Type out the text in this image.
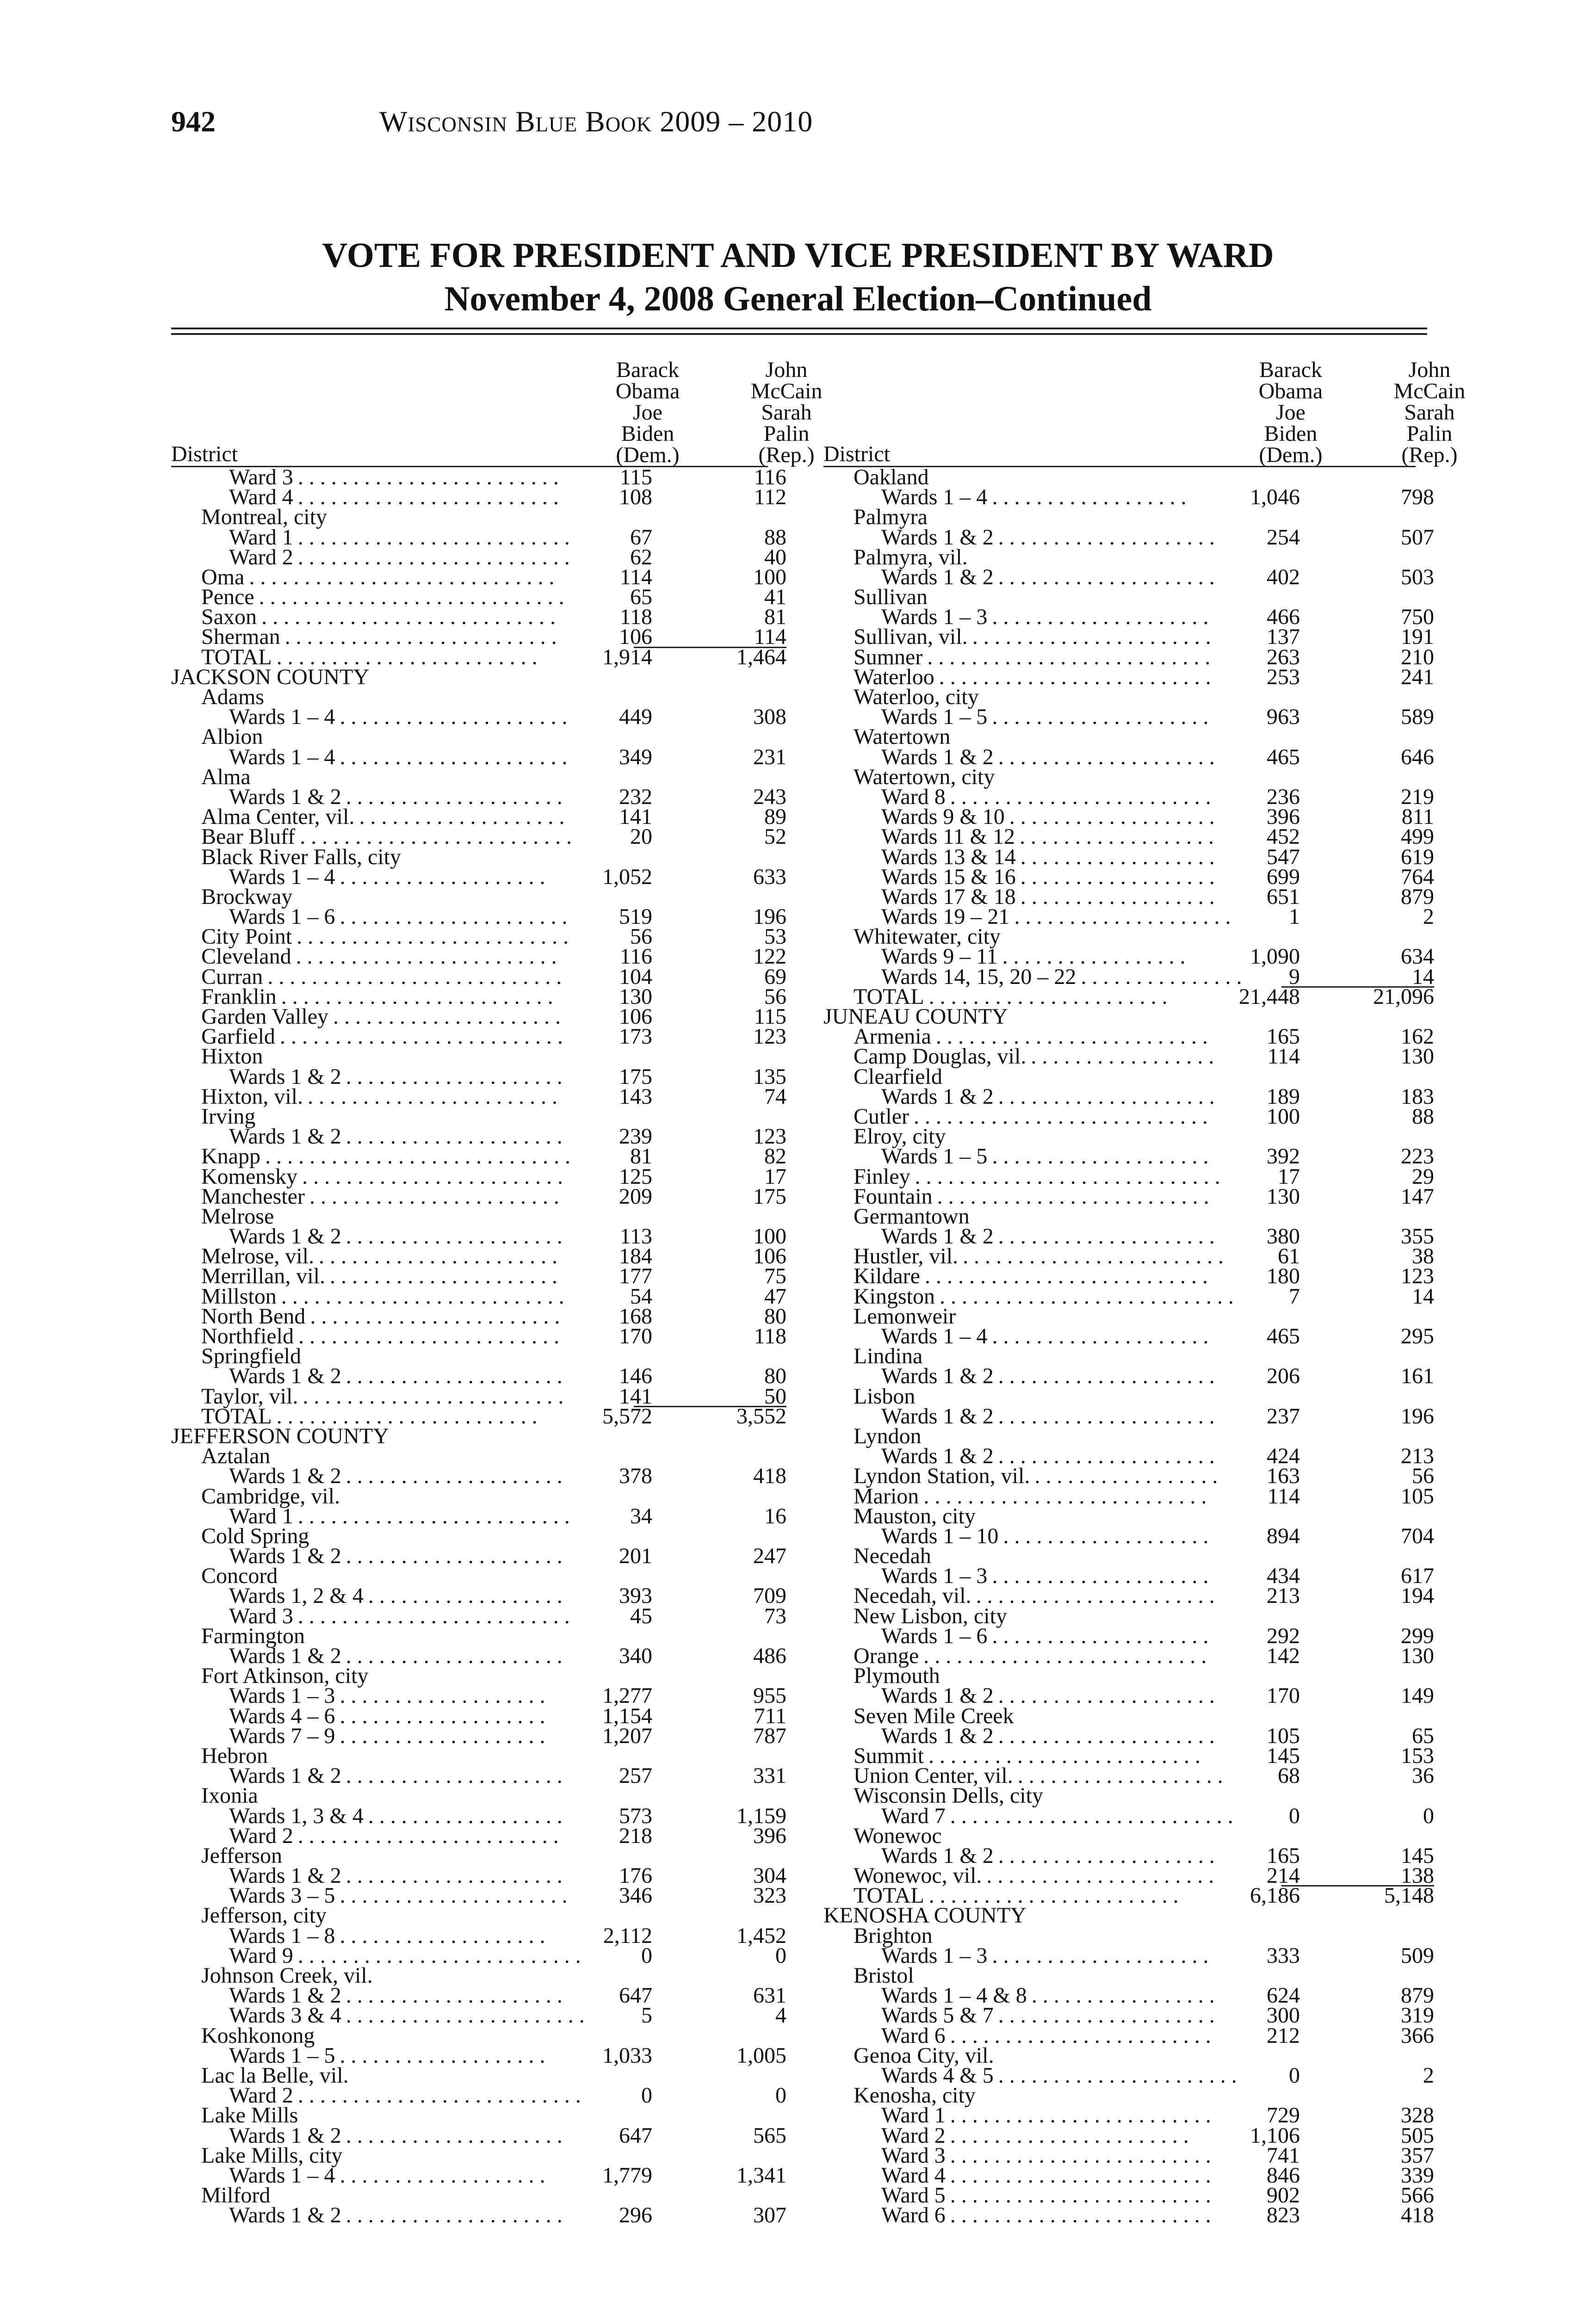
942	Wisconsin Blue Book 2009 – 2010
VOTE FOR PRESIDENT AND VICE PRESIDENT BY WARD
November 4, 2008 General Election–Continued
District
Barack
Obama
Joe
Biden
(Dem.)
John
McCain
Sarah
Palin
(Rep.)
Ward 3 . . . . . . . . . . . . . . . . . . . . . . . .	115	116
Ward 4 . . . . . . . . . . . . . . . . . . . . . . . .	108	112
Montreal, city
Ward 1 . . . . . . . . . . . . . . . . . . . . . . . . .	67	88
Ward 2 . . . . . . . . . . . . . . . . . . . . . . . . .	62	40
Oma . . . . . . . . . . . . . . . . . . . . . . . . . . . .	114	100
Pence . . . . . . . . . . . . . . . . . . . . . . . . . . . .	65	41
Saxon . . . . . . . . . . . . . . . . . . . . . . . . . . .	118	81
Sherman . . . . . . . . . . . . . . . . . . . . . . . . .	106	114
TOTAL . . . . . . . . . . . . . . . . . . . . . . . .	1,914	1,464
JACKSON COUNTY
Adams
Wards 1 – 4 . . . . . . . . . . . . . . . . . . . . .	449	308
Albion
Wards 1 – 4 . . . . . . . . . . . . . . . . . . . . .	349	231
Alma
Wards 1 & 2 . . . . . . . . . . . . . . . . . . . .	232	243
Alma Center, vil. . . . . . . . . . . . . . . . . . . .	141	89
Bear Bluff . . . . . . . . . . . . . . . . . . . . . . . . .	20	52
Black River Falls, city
Wards 1 – 4 . . . . . . . . . . . . . . . . . . .	1,052	633
Brockway
Wards 1 – 6 . . . . . . . . . . . . . . . . . . . . .	519	196
City Point . . . . . . . . . . . . . . . . . . . . . . . . .	56	53
Cleveland . . . . . . . . . . . . . . . . . . . . . . . .	116	122
Curran . . . . . . . . . . . . . . . . . . . . . . . . . . .	104	69
Franklin . . . . . . . . . . . . . . . . . . . . . . . . .	130	56
Garden Valley . . . . . . . . . . . . . . . . . . . . .	106	115
Garfield . . . . . . . . . . . . . . . . . . . . . . . . . .	173	123
Hixton
Wards 1 & 2 . . . . . . . . . . . . . . . . . . . .	175	135
Hixton, vil. . . . . . . . . . . . . . . . . . . . . . . .	143	74
Irving
Wards 1 & 2 . . . . . . . . . . . . . . . . . . . .	239	123
Knapp . . . . . . . . . . . . . . . . . . . . . . . . . . . .	81	82
Komensky . . . . . . . . . . . . . . . . . . . . . . . .	125	17
Manchester . . . . . . . . . . . . . . . . . . . . . . .	209	175
Melrose
Wards 1 & 2 . . . . . . . . . . . . . . . . . . . .	113	100
Melrose, vil. . . . . . . . . . . . . . . . . . . . . . .	184	106
Merrillan, vil. . . . . . . . . . . . . . . . . . . . . .	177	75
Millston . . . . . . . . . . . . . . . . . . . . . . . . . .	54	47
North Bend . . . . . . . . . . . . . . . . . . . . . . .	168	80
Northfield . . . . . . . . . . . . . . . . . . . . . . . .	170	118
Springfield
Wards 1 & 2 . . . . . . . . . . . . . . . . . . . .	146	80
Taylor, vil. . . . . . . . . . . . . . . . . . . . . . . . .	141	50
TOTAL . . . . . . . . . . . . . . . . . . . . . . . .	5,572	3,552
JEFFERSON COUNTY
Aztalan
Wards 1 & 2 . . . . . . . . . . . . . . . . . . . .	378	418
Cambridge, vil.
Ward 1 . . . . . . . . . . . . . . . . . . . . . . . . .	34	16
Cold Spring
Wards 1 & 2 . . . . . . . . . . . . . . . . . . . .	201	247
Concord
Wards 1, 2 & 4 . . . . . . . . . . . . . . . . . .	393	709
Ward 3 . . . . . . . . . . . . . . . . . . . . . . . . .	45	73
Farmington
Wards 1 & 2 . . . . . . . . . . . . . . . . . . . .	340	486
Fort Atkinson, city
Wards 1 – 3 . . . . . . . . . . . . . . . . . . .	1,277	955
Wards 4 – 6 . . . . . . . . . . . . . . . . . . .	1,154	711
Wards 7 – 9 . . . . . . . . . . . . . . . . . . .	1,207	787
Hebron
Wards 1 & 2 . . . . . . . . . . . . . . . . . . . .	257	331
Ixonia
Wards 1, 3 & 4 . . . . . . . . . . . . . . . . . .	573	1,159
Ward 2 . . . . . . . . . . . . . . . . . . . . . . . .	218	396
Jefferson
Wards 1 & 2 . . . . . . . . . . . . . . . . . . . .	176	304
Wards 3 – 5 . . . . . . . . . . . . . . . . . . . . .	346	323
Jefferson, city
Wards 1 – 8 . . . . . . . . . . . . . . . . . . .	2,112	1,452
Ward 9 . . . . . . . . . . . . . . . . . . . . . . . . . .	0	0
Johnson Creek, vil.
Wards 1 & 2 . . . . . . . . . . . . . . . . . . . .	647	631
Wards 3 & 4 . . . . . . . . . . . . . . . . . . . . . .	5	4
Koshkonong
Wards 1 – 5 . . . . . . . . . . . . . . . . . . .	1,033	1,005
Lac la Belle, vil.
Ward 2 . . . . . . . . . . . . . . . . . . . . . . . . . .	0	0
Lake Mills
Wards 1 & 2 . . . . . . . . . . . . . . . . . . . .	647	565
Lake Mills, city
Wards 1 – 4 . . . . . . . . . . . . . . . . . . .	1,779	1,341
Milford
Wards 1 & 2 . . . . . . . . . . . . . . . . . . . .	296	307
District
Barack
Obama
Joe
Biden
(Dem.)
John
McCain
Sarah
Palin
(Rep.)
Oakland
Wards 1 – 4 . . . . . . . . . . . . . . . . . .	1,046	798
Palmyra
Wards 1 & 2 . . . . . . . . . . . . . . . . . . . .	254	507
Palmyra, vil.
Wards 1 & 2 . . . . . . . . . . . . . . . . . . . .	402	503
Sullivan
Wards 1 – 3 . . . . . . . . . . . . . . . . . . . .	466	750
Sullivan, vil. . . . . . . . . . . . . . . . . . . . . . .	137	191
Sumner . . . . . . . . . . . . . . . . . . . . . . . . . .	263	210
Waterloo . . . . . . . . . . . . . . . . . . . . . . . . .	253	241
Waterloo, city
Wards 1 – 5 . . . . . . . . . . . . . . . . . . . .	963	589
Watertown
Wards 1 & 2 . . . . . . . . . . . . . . . . . . . .	465	646
Watertown, city
Ward 8 . . . . . . . . . . . . . . . . . . . . . . . .	236	219
Wards 9 & 10 . . . . . . . . . . . . . . . . . . .	396	811
Wards 11 & 12 . . . . . . . . . . . . . . . . . .	452	499
Wards 13 & 14 . . . . . . . . . . . . . . . . . .	547	619
Wards 15 & 16 . . . . . . . . . . . . . . . . . .	699	764
Wards 17 & 18 . . . . . . . . . . . . . . . . . .	651	879
Wards 19 – 21 . . . . . . . . . . . . . . . . . . . .	1	2
Whitewater, city
Wards 9 – 11 . . . . . . . . . . . . . . . . .	1,090	634
Wards 14, 15, 20 – 22 . . . . . . . . . . . . . . .	9	14
TOTAL . . . . . . . . . . . . . . . . . . . . . .	21,448	21,096
JUNEAU COUNTY
Armenia . . . . . . . . . . . . . . . . . . . . . . . . .	165	162
Camp Douglas, vil. . . . . . . . . . . . . . . . . .	114	130
Clearfield
Wards 1 & 2 . . . . . . . . . . . . . . . . . . . .	189	183
Cutler . . . . . . . . . . . . . . . . . . . . . . . . . . .	100	88
Elroy, city
Wards 1 – 5 . . . . . . . . . . . . . . . . . . . .	392	223
Finley . . . . . . . . . . . . . . . . . . . . . . . . . . . .	17	29
Fountain . . . . . . . . . . . . . . . . . . . . . . . . .	130	147
Germantown
Wards 1 & 2 . . . . . . . . . . . . . . . . . . . .	380	355
Hustler, vil. . . . . . . . . . . . . . . . . . . . . . . . .	61	38
Kildare . . . . . . . . . . . . . . . . . . . . . . . . . .	180	123
Kingston . . . . . . . . . . . . . . . . . . . . . . . . . . .	7	14
Lemonweir
Wards 1 – 4 . . . . . . . . . . . . . . . . . . . .	465	295
Lindina
Wards 1 & 2 . . . . . . . . . . . . . . . . . . . .	206	161
Lisbon
Wards 1 & 2 . . . . . . . . . . . . . . . . . . . .	237	196
Lyndon
Wards 1 & 2 . . . . . . . . . . . . . . . . . . . .	424	213
Lyndon Station, vil. . . . . . . . . . . . . . . . . .	163	56
Marion . . . . . . . . . . . . . . . . . . . . . . . . . .	114	105
Mauston, city
Wards 1 – 10 . . . . . . . . . . . . . . . . . . .	894	704
Necedah
Wards 1 – 3 . . . . . . . . . . . . . . . . . . . .	434	617
Necedah, vil. . . . . . . . . . . . . . . . . . . . . . .	213	194
New Lisbon, city
Wards 1 – 6 . . . . . . . . . . . . . . . . . . . .	292	299
Orange . . . . . . . . . . . . . . . . . . . . . . . . . .	142	130
Plymouth
Wards 1 & 2 . . . . . . . . . . . . . . . . . . . .	170	149
Seven Mile Creek
Wards 1 & 2 . . . . . . . . . . . . . . . . . . . .	105	65
Summit . . . . . . . . . . . . . . . . . . . . . . . . .	145	153
Union Center, vil. . . . . . . . . . . . . . . . . . . .	68	36
Wisconsin Dells, city
Ward 7 . . . . . . . . . . . . . . . . . . . . . . . . . .	0	0
Wonewoc
Wards 1 & 2 . . . . . . . . . . . . . . . . . . . .	165	145
Wonewoc, vil. . . . . . . . . . . . . . . . . . . . . .	214	138
TOTAL . . . . . . . . . . . . . . . . . . . . . . .	6,186	5,148
KENOSHA COUNTY
Brighton
Wards 1 – 3 . . . . . . . . . . . . . . . . . . . .	333	509
Bristol
Wards 1 – 4 & 8 . . . . . . . . . . . . . . . . .	624	879
Wards 5 & 7 . . . . . . . . . . . . . . . . . . . .	300	319
Ward 6 . . . . . . . . . . . . . . . . . . . . . . . .	212	366
Genoa City, vil.
Wards 4 & 5 . . . . . . . . . . . . . . . . . . . . . .	0	2
Kenosha, city
Ward 1 . . . . . . . . . . . . . . . . . . . . . . . .	729	328
Ward 2 . . . . . . . . . . . . . . . . . . . . . .	1,106	505
Ward 3 . . . . . . . . . . . . . . . . . . . . . . . .	741	357
Ward 4 . . . . . . . . . . . . . . . . . . . . . . . .	846	339
Ward 5 . . . . . . . . . . . . . . . . . . . . . . . .	902	566
Ward 6 . . . . . . . . . . . . . . . . . . . . . . . .	823	418
